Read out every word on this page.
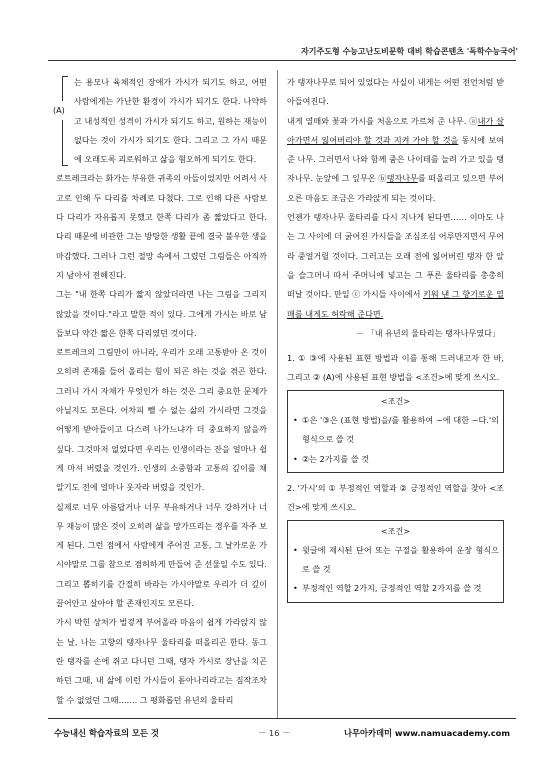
자기주도형 수능고난도비문학 대비 학습콘텐츠 '독학수능국어'
(A)

는 용모나 육체적인 장애가 가시가 되기도 하고, 어떤 사람에게는 가난한 환경이 가시가 되기도 한다. 나약하고 내성적인 성격이 가시가 되기도 하고, 원하는 재능이 없다는 것이 가시가 되기도 한다. 그리고 그 가시 때문에 오래도록 괴로워하고 삶을 혐오하게 되기도 한다.

로트레크라는 화가는 부유한 귀족의 아들이었지만 어려서 사고로 인해 두 다리를 차례로 다쳤다. 그로 인해 다른 사람보다 다리가 자유롭지 못했고 한쪽 다리가 좀 짧았다고 한다. 다리 때문에 비관한 그는 방탕한 생활 끝에 결국 불우한 생을 마감했다. 그러나 그런 절망 속에서 그렸던 그림들은 아직까지 남아서 전해진다.

그는 "내 한쪽 다리가 짧지 않았더라면 나는 그림을 그리지 않았을 것이다."라고 말한 적이 있다. 그에게 가시는 바로 남들보다 약간 짧은 한쪽 다리였던 것이다.

로트레크의 그림만이 아니라, 우리가 오래 고통받아 온 것이 오히려 존재를 들어 올리는 힘이 되곤 하는 것을 겪곤 한다. 그러니 가시 자체가 무엇인가 하는 것은 그리 중요한 문제가 아닐지도 모른다. 어차피 뺄 수 없는 삶의 가시라면 그것을 어떻게 받아들이고 다스려 나가느냐가 더 중요하지 않을까 싶다. 그것마저 없었다면 우리는 인생이라는 잔을 얼마나 쉽게 마셔 버렸을 것인가. 인생의 소중함과 고통의 깊이를 채 알기도 전에 얼마나 웃자라 버렸을 것인가.

실제로 너무 아름답거나 너무 부유하거나 너무 강하거나 너무 재능이 많은 것이 오히려 삶을 망가뜨리는 경우를 자주 보게 된다. 그런 점에서 사람에게 주어진 고통, 그 날카로운 가시야말로 그를 참으로 겸허하게 만들어 준 선물일 수도 있다. 그리고 뽑히기를 간절히 바라는 가시야말로 우리가 더 깊이 끌어안고 살아야 할 존재인지도 모른다.

가시 박힌 상처가 벌겋게 부어올라 마음이 쉽게 가라앉지 않는 날, 나는 고향의 탱자나무 울타리를 떠올리곤 한다. 동그란 탱자를 손에 쥐고 다니던 그때, 탱자 가시로 장난을 치곤 하던 그때, 내 삶에 이런 가시들이 돋아나리라고는 짐작조차 할 수 없었던 그때……. 그 평화롭던 유년의 울타리

가 탱자나무로 되어 있었다는 사실이 내게는 어떤 전언처럼 받아들여진다.

내게 열매와 꽃과 가시를 처음으로 가르쳐 준 나무. ⓐ내가 살아가면서 잃어버리야 할 것과 지켜 가야 할 것을 동시에 보여 준 나무. 그러면서 나와 함께 줌은 나이테를 늘려 가고 있을 탱자나무. 눈앞에 그 잎무온 ⓑ탱자나무를 떠올리고 있으면 부어오른 마음도 조금은 가라앉게 되는 것이다.

언젠가 탱자나무 울타리를 다시 지나게 된다면…… 이마도 나는 그 사이에 더 굵어진 가시들을 조심조심 어루만지면서 무어라 중얼거릴 것이다. 그러고는 오래 전에 잃어버린 탱자 한 알을 슬그머니 따서 주머니에 넣고는 그 푸른 울타리를 총총히 떠날 것이다. 만일 ⓒ 가시들 사이에서 키워 낸 그 향기로운 열매를 내게도 허락해 준다면.

－ 「내 유년의 울타리는 탱자나무였다」

1. ① ③에 사용된 표현 방법과 이를 통해 드러내고자 한 바, 그리고 ② (A)에 사용된 표현 방법을 <조건>에 맞게 쓰시오.

<조건>
• ①은 '③은 (표현 방법)을/를 활용하여 ~에 대한 ~다.'의 형식으로 쓸 것
• ②는 2가지를 쓸 것

2. '가시'의 ① 부정적인 역할과 ② 긍정적인 역할을 찾아 <조건>에 맞게 쓰시오.

<조건>
• 윗글에 제시된 단어 또는 구절을 활용하여 운장 형식으로 쓸 것
• 부정적인 역할 2가지, 긍정적인 역할 2가지를 쓸 것
수능내신 학습자료의 모든 것	－ 16 －	나무아카데미 www.namuacademy.com
